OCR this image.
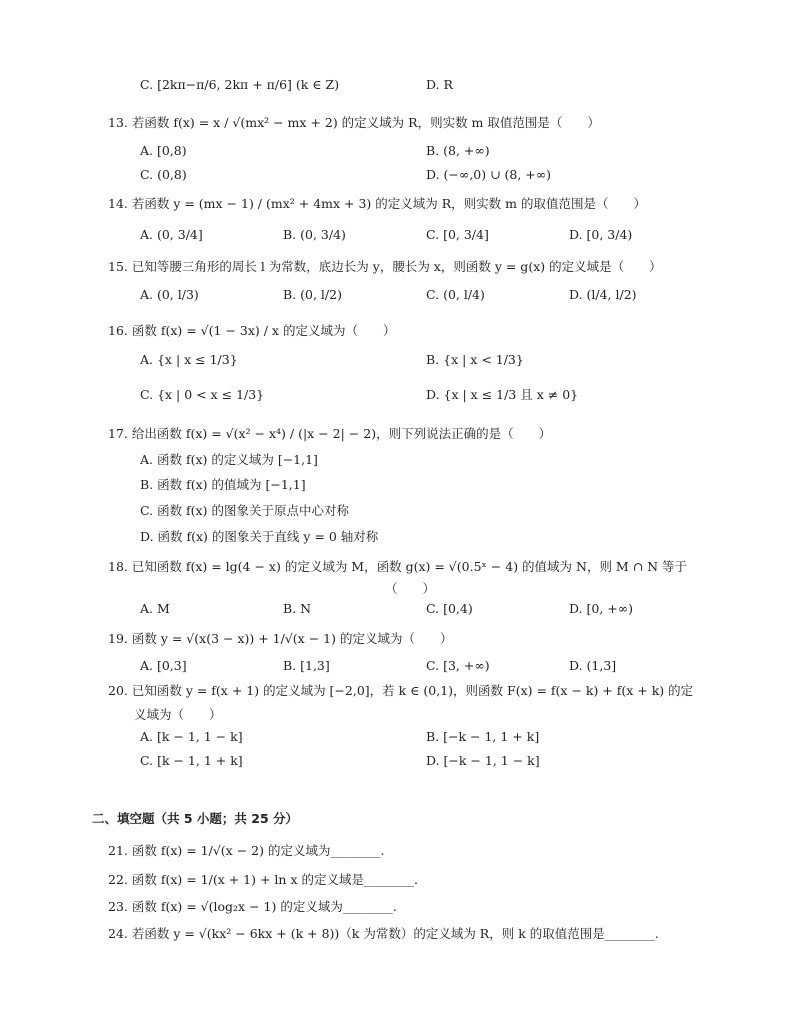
C. [2kπ−π/6, 2kπ + π/6] (k ∈ Z)	D. R
13. 若函数 f(x) = x / √(mx² − mx + 2) 的定义域为 R，则实数 m 取值范围是（　　）
A. [0,8)	B. (8, +∞)
C. (0,8)	D. (−∞,0) ∪ (8, +∞)
14. 若函数 y = (mx − 1) / (mx² + 4mx + 3) 的定义域为 R，则实数 m 的取值范围是（　　）
A. (0, 3/4]	B. (0, 3/4)	C. [0, 3/4]	D. [0, 3/4)
15. 已知等腰三角形的周长 l 为常数，底边长为 y，腰长为 x，则函数 y = g(x) 的定义域是（　　）
A. (0, l/3)	B. (0, l/2)	C. (0, l/4)	D. (l/4, l/2)
16. 函数 f(x) = √(1 − 3x) / x 的定义域为（　　）
A. {x | x ≤ 1/3}	B. {x | x < 1/3}
C. {x | 0 < x ≤ 1/3}	D. {x | x ≤ 1/3 且 x ≠ 0}
17. 给出函数 f(x) = √(x² − x⁴) / (|x − 2| − 2)，则下列说法正确的是（　　）
A. 函数 f(x) 的定义域为 [−1,1]
B. 函数 f(x) 的值域为 [−1,1]
C. 函数 f(x) 的图象关于原点中心对称
D. 函数 f(x) 的图象关于直线 y = 0 轴对称
18. 已知函数 f(x) = lg(4 − x) 的定义域为 M，函数 g(x) = √(0.5ˣ − 4) 的值域为 N，则 M ∩ N 等于
（　　）
A. M	B. N	C. [0,4)	D. [0, +∞)
19. 函数 y = √(x(3 − x)) + 1/√(x − 1) 的定义域为（　　）
A. [0,3]	B. [1,3]	C. [3, +∞)	D. (1,3]
20. 已知函数 y = f(x + 1) 的定义域为 [−2,0]，若 k ∈ (0,1)，则函数 F(x) = f(x − k) + f(x + k) 的定
义域为（　　）
A. [k − 1, 1 − k]	B. [−k − 1, 1 + k]
C. [k − 1, 1 + k]	D. [−k − 1, 1 − k]
二、填空题（共 5 小题；共 25 分）
21. 函数 f(x) = 1/√(x − 2) 的定义域为________.
22. 函数 f(x) = 1/(x + 1) + ln x 的定义域是________.
23. 函数 f(x) = √(log₂x − 1) 的定义域为________.
24. 若函数 y = √(kx² − 6kx + (k + 8))（k 为常数）的定义域为 R，则 k 的取值范围是________.
